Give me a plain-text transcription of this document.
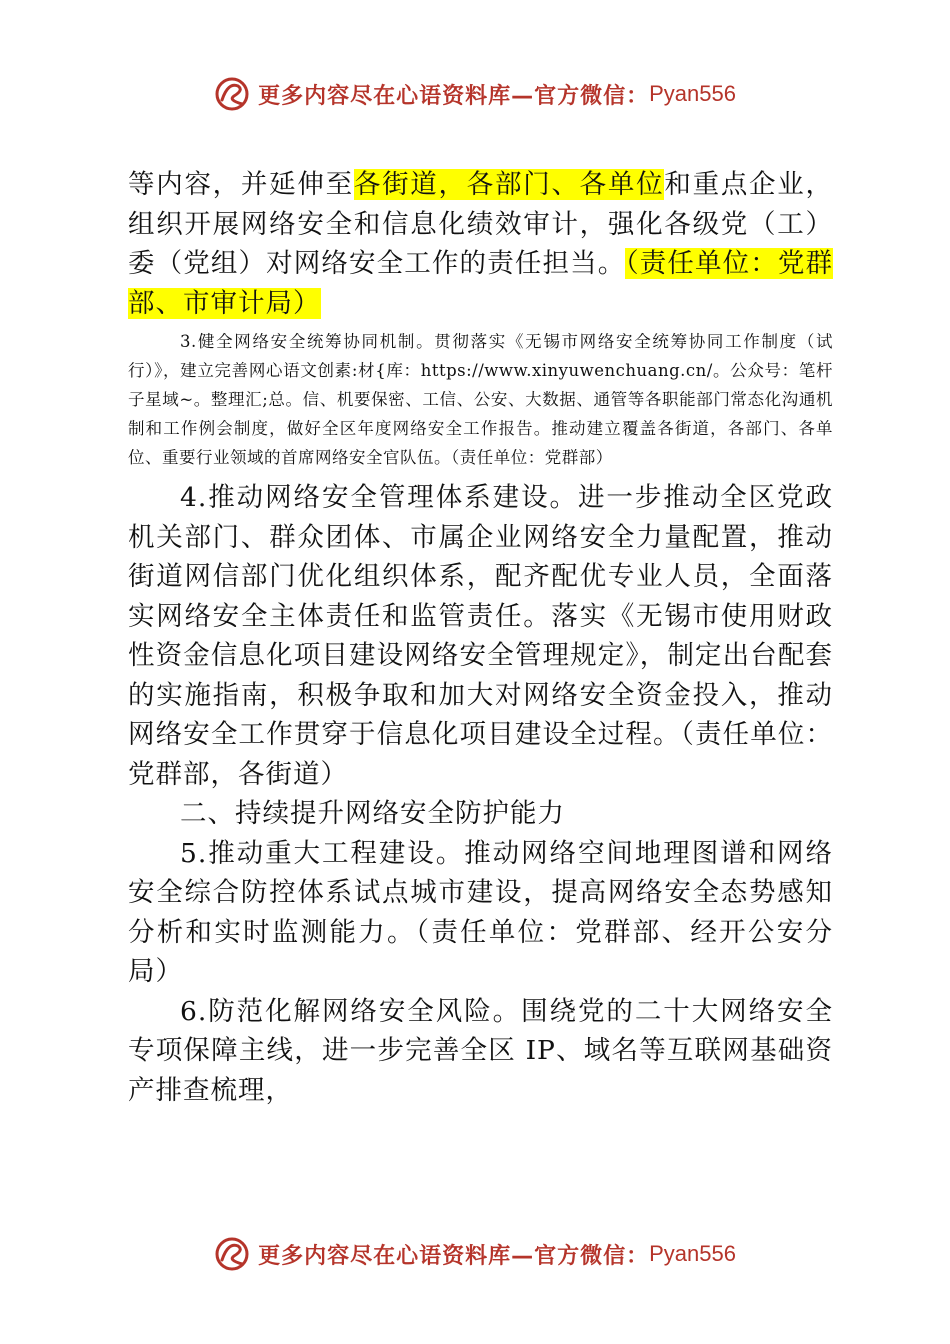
更多内容尽在心语资料库—官方微信： Pyan556

等内容，并延伸至各街道，各部门、各单位和重点企业，组织开展网络安全和信息化绩效审计，强化各级党（工）委（党组）对网络安全工作的责任担当。（责任单位：党群部、市审计局）

3.健全网络安全统筹协同机制。贯彻落实《无锡市网络安全统筹协同工作制度（试行）》，建立完善网心语文创素:材{库：https://www.xinyuwenchuang.cn/。公众号：笔杆子星域~。整理汇;总。信、机要保密、工信、公安、大数据、通管等各职能部门常态化沟通机制和工作例会制度，做好全区年度网络安全工作报告。推动建立覆盖各街道，各部门、各单位、重要行业领域的首席网络安全官队伍。（责任单位：党群部）

4.推动网络安全管理体系建设。进一步推动全区党政机关部门、群众团体、市属企业网络安全力量配置，推动街道网信部门优化组织体系，配齐配优专业人员，全面落实网络安全主体责任和监管责任。落实《无锡市使用财政性资金信息化项目建设网络安全管理规定》，制定出台配套的实施指南，积极争取和加大对网络安全资金投入，推动网络安全工作贯穿于信息化项目建设全过程。（责任单位：党群部，各街道）

二、持续提升网络安全防护能力

5.推动重大工程建设。推动网络空间地理图谱和网络安全综合防控体系试点城市建设，提高网络安全态势感知分析和实时监测能力。（责任单位：党群部、经开公安分局）

6.防范化解网络安全风险。围绕党的二十大网络安全专项保障主线，进一步完善全区 IP、域名等互联网基础资产排查梳理，

更多内容尽在心语资料库—官方微信： Pyan556
